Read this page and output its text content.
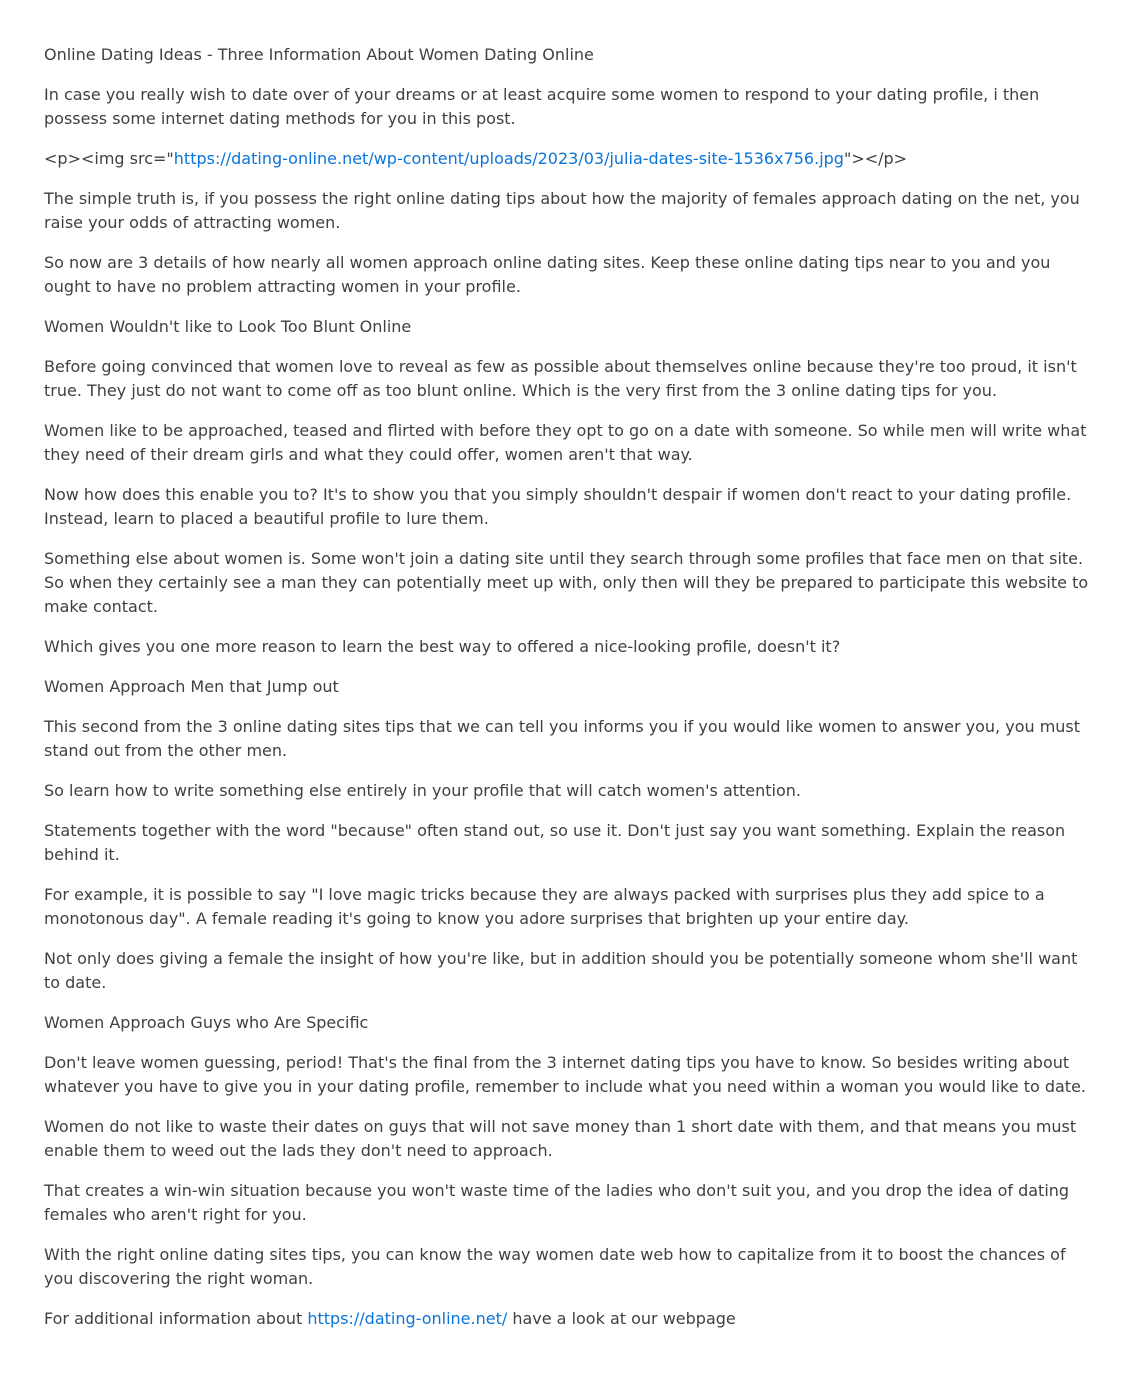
Online Dating Ideas - Three Information About Women Dating Online

In case you really wish to date over of your dreams or at least acquire some women to respond to your dating profile, i then possess some internet dating methods for you in this post.

<p><img src="https://dating-online.net/wp-content/uploads/2023/03/julia-dates-site-1536x756.jpg"></p>

The simple truth is, if you possess the right online dating tips about how the majority of females approach dating on the net, you raise your odds of attracting women.

So now are 3 details of how nearly all women approach online dating sites. Keep these online dating tips near to you and you ought to have no problem attracting women in your profile.

Women Wouldn't like to Look Too Blunt Online

Before going convinced that women love to reveal as few as possible about themselves online because they're too proud, it isn't true. They just do not want to come off as too blunt online. Which is the very first from the 3 online dating tips for you.

Women like to be approached, teased and flirted with before they opt to go on a date with someone. So while men will write what they need of their dream girls and what they could offer, women aren't that way.

Now how does this enable you to? It's to show you that you simply shouldn't despair if women don't react to your dating profile. Instead, learn to placed a beautiful profile to lure them.

Something else about women is. Some won't join a dating site until they search through some profiles that face men on that site. So when they certainly see a man they can potentially meet up with, only then will they be prepared to participate this website to make contact.

Which gives you one more reason to learn the best way to offered a nice-looking profile, doesn't it?

Women Approach Men that Jump out

This second from the 3 online dating sites tips that we can tell you informs you if you would like women to answer you, you must stand out from the other men.

So learn how to write something else entirely in your profile that will catch women's attention.

Statements together with the word "because" often stand out, so use it. Don't just say you want something. Explain the reason behind it.

For example, it is possible to say "I love magic tricks because they are always packed with surprises plus they add spice to a monotonous day". A female reading it's going to know you adore surprises that brighten up your entire day.

Not only does giving a female the insight of how you're like, but in addition should you be potentially someone whom she'll want to date.

Women Approach Guys who Are Specific

Don't leave women guessing, period! That's the final from the 3 internet dating tips you have to know. So besides writing about whatever you have to give you in your dating profile, remember to include what you need within a woman you would like to date.

Women do not like to waste their dates on guys that will not save money than 1 short date with them, and that means you must enable them to weed out the lads they don't need to approach.

That creates a win-win situation because you won't waste time of the ladies who don't suit you, and you drop the idea of dating females who aren't right for you.

With the right online dating sites tips, you can know the way women date web how to capitalize from it to boost the chances of you discovering the right woman.

For additional information about https://dating-online.net/ have a look at our webpage
